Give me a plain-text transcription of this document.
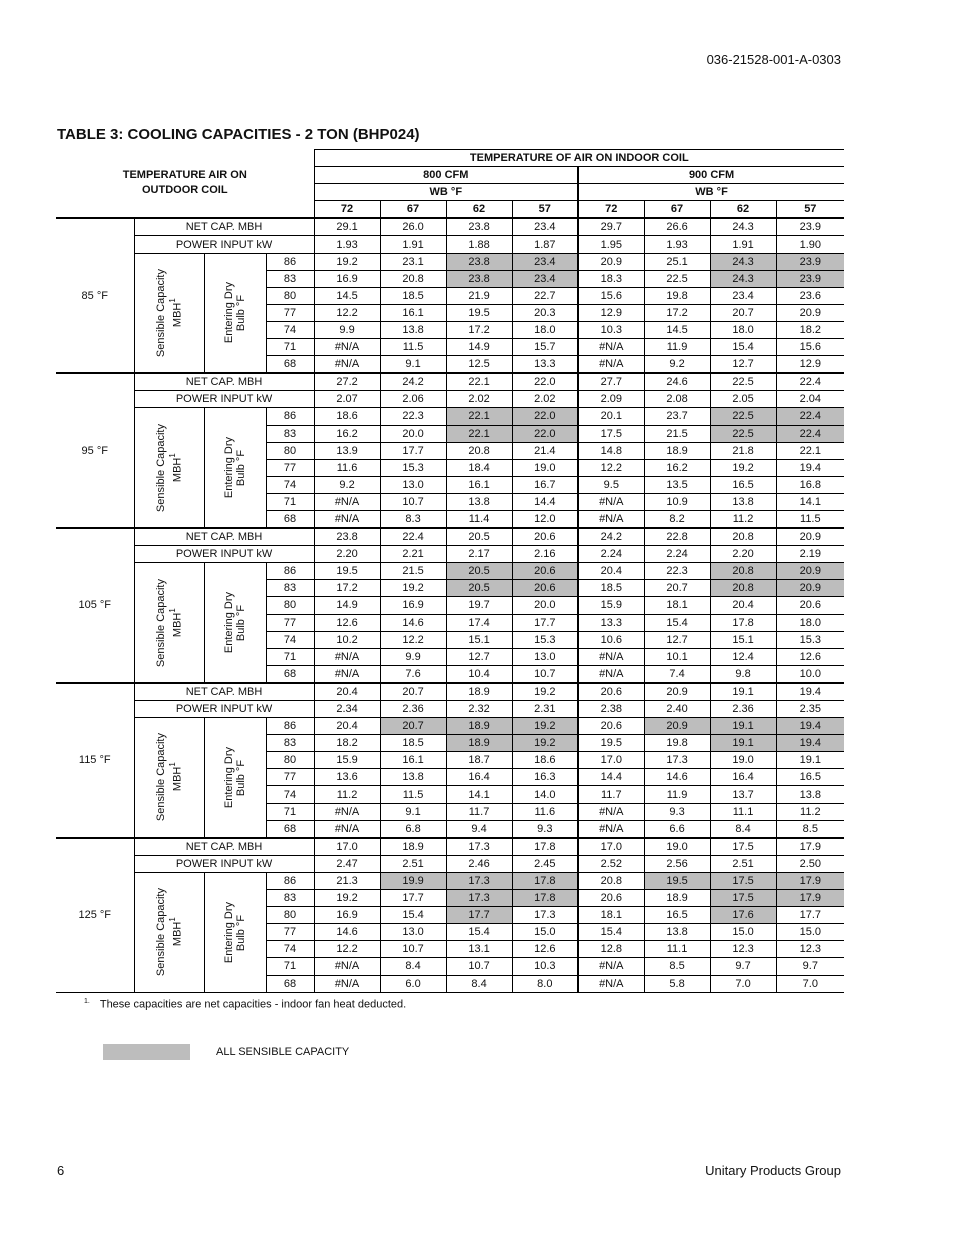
036-21528-001-A-0303
TABLE 3: COOLING CAPACITIES - 2 TON (BHP024)
TEMPERATURE AIR ON OUTDOOR COIL				TEMPERATURE OF AIR ON INDOOR COIL							
				800 CFM				900 CFM			
				WB °F				WB °F			
				72	67	62	57	72	67	62	57
85 °F	NET CAP. MBH			29.1	26.0	23.8	23.4	29.7	26.6	24.3	23.9
	POWER INPUT kW			1.93	1.91	1.88	1.87	1.95	1.93	1.91	1.90

	Sensible Capacity MBH$^1$	Entering Dry
Bulb °F	86	19.2	23.1	23.8	23.4	20.9	25.1	24.3	23.9
			83	16.9	20.8	23.8	23.4	18.3	22.5	24.3	23.9
			80	14.5	18.5	21.9	22.7	15.6	19.8	23.4	23.6
			77	12.2	16.1	19.5	20.3	12.9	17.2	20.7	20.9
			74	9.9	13.8	17.2	18.0	10.3	14.5	18.0	18.2
			71	#N/A	11.5	14.9	15.7	#N/A	11.9	15.4	15.6
			68	#N/A	9.1	12.5	13.3	#N/A	9.2	12.7	12.9
95 °F	NET CAP. MBH			27.2	24.2	22.1	22.0	27.7	24.6	22.5	22.4
	POWER INPUT kW			2.07	2.06	2.02	2.02	2.09	2.08	2.05	2.04

	Sensible Capacity MBH$^1$	Entering Dry
Bulb °F	86	18.6	22.3	22.1	22.0	20.1	23.7	22.5	22.4
			83	16.2	20.0	22.1	22.0	17.5	21.5	22.5	22.4
			80	13.9	17.7	20.8	21.4	14.8	18.9	21.8	22.1
			77	11.6	15.3	18.4	19.0	12.2	16.2	19.2	19.4
			74	9.2	13.0	16.1	16.7	9.5	13.5	16.5	16.8
			71	#N/A	10.7	13.8	14.4	#N/A	10.9	13.8	14.1
			68	#N/A	8.3	11.4	12.0	#N/A	8.2	11.2	11.5
105 °F	NET CAP. MBH			23.8	22.4	20.5	20.6	24.2	22.8	20.8	20.9
	POWER INPUT kW			2.20	2.21	2.17	2.16	2.24	2.24	2.20	2.19

	Sensible Capacity MBH$^1$	Entering Dry
Bulb °F	86	19.5	21.5	20.5	20.6	20.4	22.3	20.8	20.9
			83	17.2	19.2	20.5	20.6	18.5	20.7	20.8	20.9
			80	14.9	16.9	19.7	20.0	15.9	18.1	20.4	20.6
			77	12.6	14.6	17.4	17.7	13.3	15.4	17.8	18.0
			74	10.2	12.2	15.1	15.3	10.6	12.7	15.1	15.3
			71	#N/A	9.9	12.7	13.0	#N/A	10.1	12.4	12.6
			68	#N/A	7.6	10.4	10.7	#N/A	7.4	9.8	10.0
115 °F	NET CAP. MBH			20.4	20.7	18.9	19.2	20.6	20.9	19.1	19.4
	POWER INPUT kW			2.34	2.36	2.32	2.31	2.38	2.40	2.36	2.35

	Sensible Capacity MBH$^1$	Entering Dry
Bulb °F	86	20.4	20.7	18.9	19.2	20.6	20.9	19.1	19.4
			83	18.2	18.5	18.9	19.2	19.5	19.8	19.1	19.4
			80	15.9	16.1	18.7	18.6	17.0	17.3	19.0	19.1
			77	13.6	13.8	16.4	16.3	14.4	14.6	16.4	16.5
			74	11.2	11.5	14.1	14.0	11.7	11.9	13.7	13.8
			71	#N/A	9.1	11.7	11.6	#N/A	9.3	11.1	11.2
			68	#N/A	6.8	9.4	9.3	#N/A	6.6	8.4	8.5
125 °F	NET CAP. MBH			17.0	18.9	17.3	17.8	17.0	19.0	17.5	17.9
	POWER INPUT kW			2.47	2.51	2.46	2.45	2.52	2.56	2.51	2.50

	Sensible Capacity MBH$^1$	Entering Dry
Bulb °F	86	21.3	19.9	17.3	17.8	20.8	19.5	17.5	17.9
			83	19.2	17.7	17.3	17.8	20.6	18.9	17.5	17.9
			80	16.9	15.4	17.7	17.3	18.1	16.5	17.6	17.7
			77	14.6	13.0	15.4	15.0	15.4	13.8	15.0	15.0
			74	12.2	10.7	13.1	12.6	12.8	11.1	12.3	12.3
			71	#N/A	8.4	10.7	10.3	#N/A	8.5	9.7	9.7
			68	#N/A	6.0	8.4	8.0	#N/A	5.8	7.0	7.0
$^{1.}$ These capacities are net capacities - indoor fan heat deducted.
ALL SENSIBLE CAPACITY
6	Unitary Products Group
